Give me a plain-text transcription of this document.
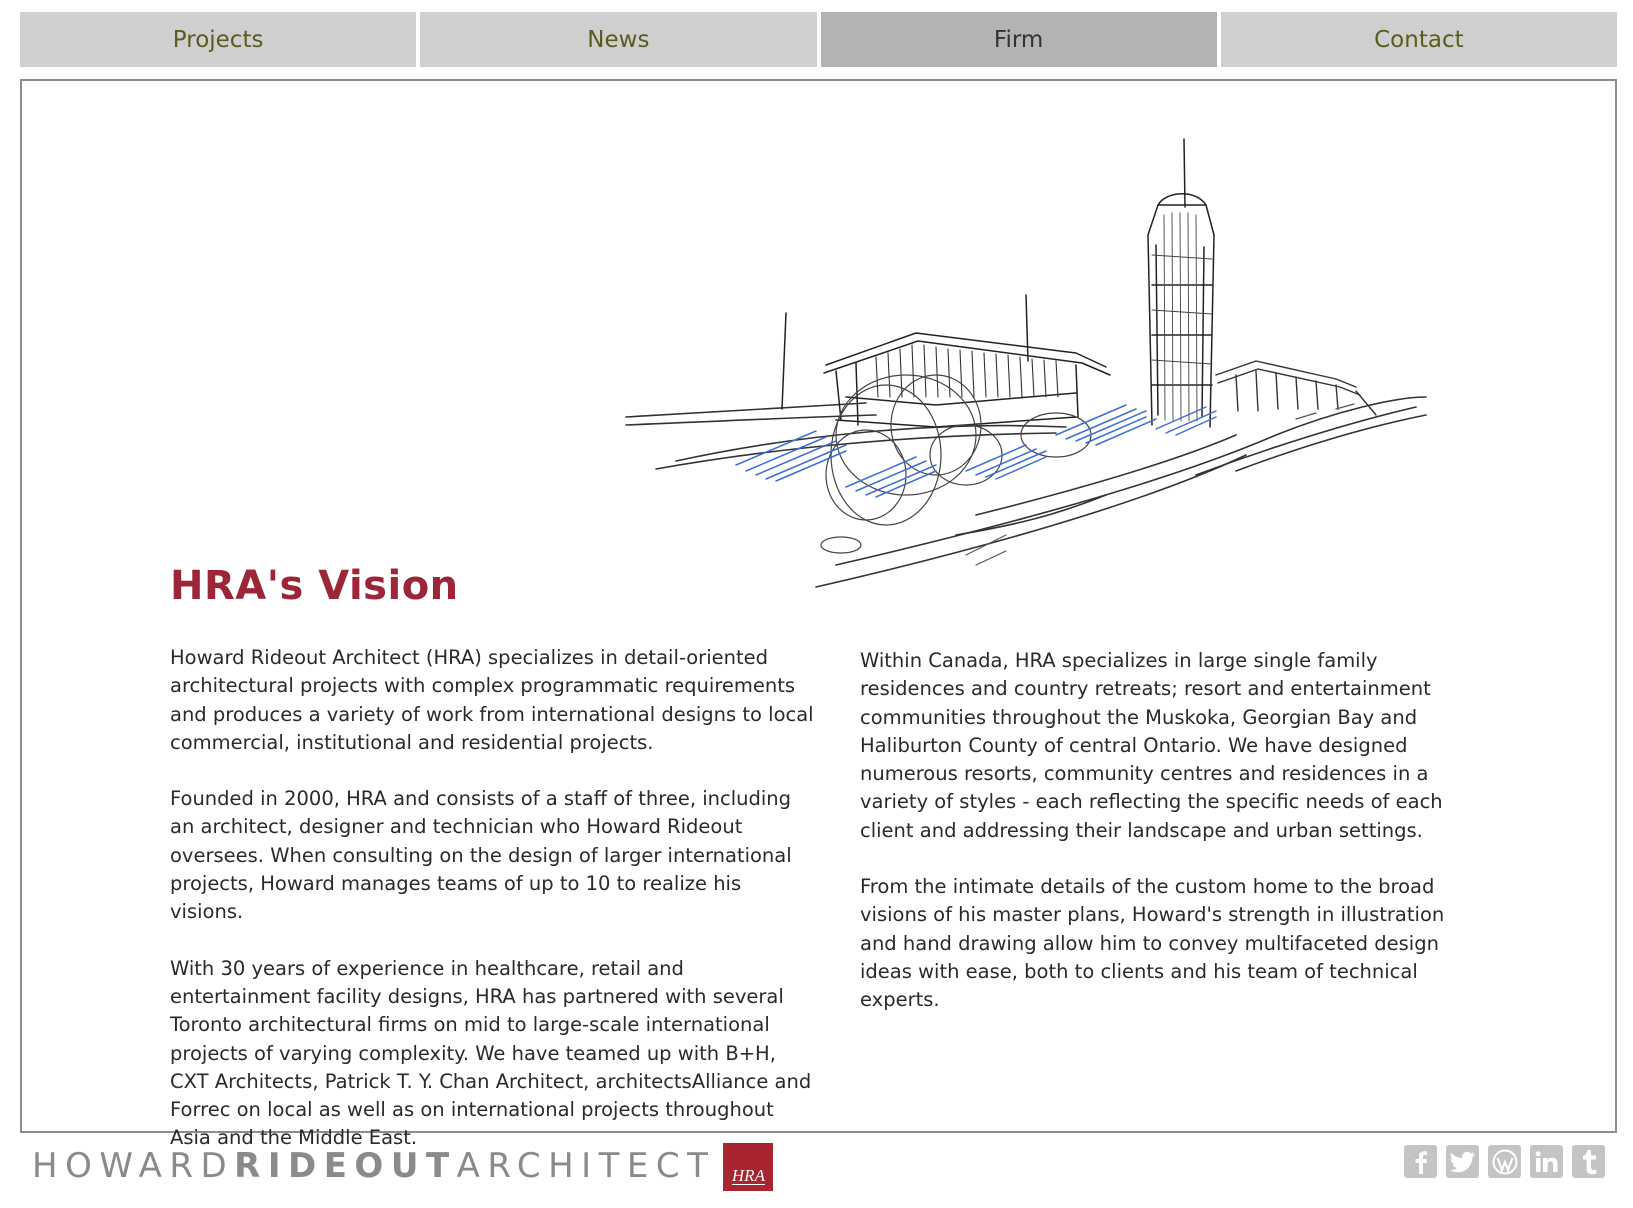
Projects	News	Firm	Contact
HRA's Vision

Howard Rideout Architect (HRA) specializes in detail-oriented architectural projects with complex programmatic requirements and produces a variety of work from international designs to local commercial, institutional and residential projects.

Founded in 2000, HRA and consists of a staff of three, including an architect, designer and technician who Howard Rideout oversees. When consulting on the design of larger international projects, Howard manages teams of up to 10 to realize his visions.

With 30 years of experience in healthcare, retail and entertainment facility designs, HRA has partnered with several Toronto architectural firms on mid to large-scale international projects of varying complexity. We have teamed up with B+H, CXT Architects, Patrick T. Y. Chan Architect, architectsAlliance and Forrec on local as well as on international projects throughout Asia and the Middle East.

Within Canada, HRA specializes in large single family residences and country retreats; resort and entertainment communities throughout the Muskoka, Georgian Bay and Haliburton County of central Ontario. We have designed numerous resorts, community centres and residences in a variety of styles - each reflecting the specific needs of each client and addressing their landscape and urban settings.

From the intimate details of the custom home to the broad visions of his master plans, Howard's strength in illustration and hand drawing allow him to convey multifaceted design ideas with ease, both to clients and his team of technical experts.

HOWARDRIDEOUTARCHITECT HRA
